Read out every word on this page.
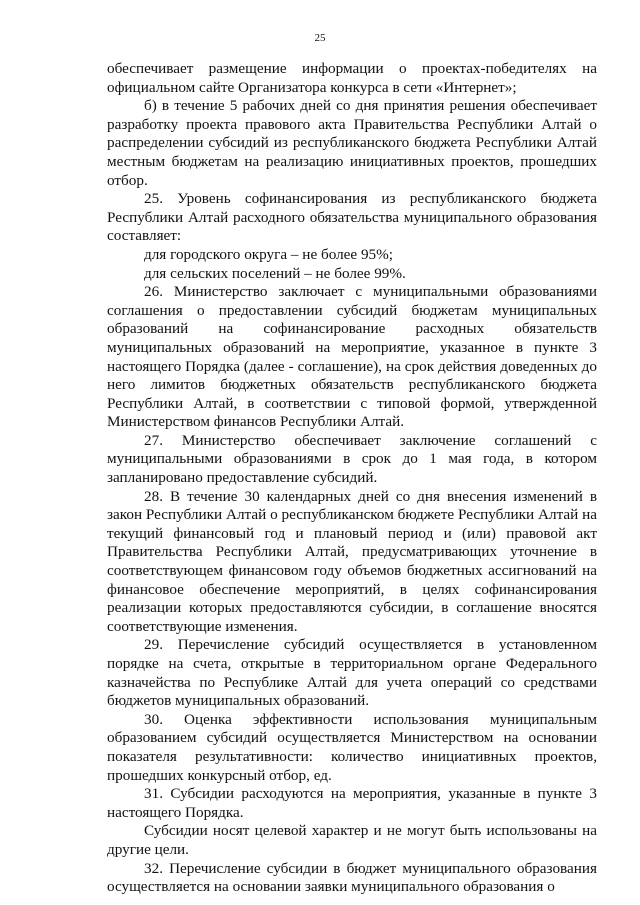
25

обеспечивает размещение информации о проектах-победителях на официальном сайте Организатора конкурса в сети «Интернет»;

б) в течение 5 рабочих дней со дня принятия решения обеспечивает разработку проекта правового акта Правительства Республики Алтай о распределении субсидий из республиканского бюджета Республики Алтай местным бюджетам на реализацию инициативных проектов, прошедших отбор.

25. Уровень софинансирования из республиканского бюджета Республики Алтай расходного обязательства муниципального образования составляет:

для городского округа – не более 95%;

для сельских поселений – не более 99%.

26. Министерство заключает с муниципальными образованиями соглашения о предоставлении субсидий бюджетам муниципальных образований на софинансирование расходных обязательств муниципальных образований на мероприятие, указанное в пункте 3 настоящего Порядка (далее - соглашение), на срок действия доведенных до него лимитов бюджетных обязательств республиканского бюджета Республики Алтай, в соответствии с типовой формой, утвержденной Министерством финансов Республики Алтай.

27. Министерство обеспечивает заключение соглашений с муниципальными образованиями в срок до 1 мая года, в котором запланировано предоставление субсидий.

28. В течение 30 календарных дней со дня внесения изменений в закон Республики Алтай о республиканском бюджете Республики Алтай на текущий финансовый год и плановый период и (или) правовой акт Правительства Республики Алтай, предусматривающих уточнение в соответствующем финансовом году объемов бюджетных ассигнований на финансовое обеспечение мероприятий, в целях софинансирования реализации которых предоставляются субсидии, в соглашение вносятся соответствующие изменения.

29. Перечисление субсидий осуществляется в установленном порядке на счета, открытые в территориальном органе Федерального казначейства по Республике Алтай для учета операций со средствами бюджетов муниципальных образований.

30. Оценка эффективности использования муниципальным образованием субсидий осуществляется Министерством на основании показателя результативности: количество инициативных проектов, прошедших конкурсный отбор, ед.

31. Субсидии расходуются на мероприятия, указанные в пункте 3 настоящего Порядка.

Субсидии носят целевой характер и не могут быть использованы на другие цели.

32. Перечисление субсидии в бюджет муниципального образования осуществляется на основании заявки муниципального образования о
